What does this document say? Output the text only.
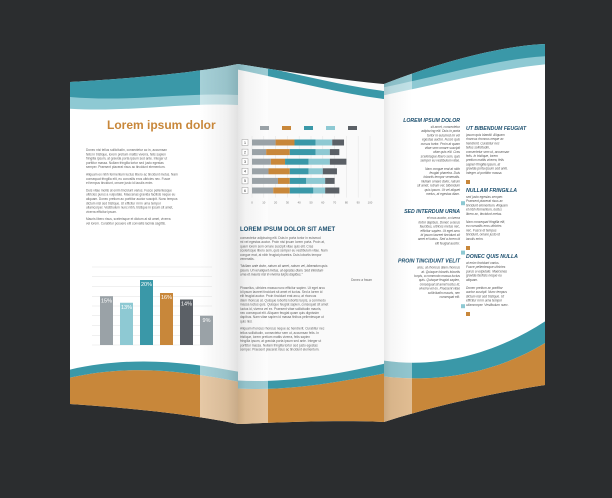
Lorem ipsum dolor
Donec nisi tellus sollicitudin, consectetur ac in, accumsan felis in tristique, lorem pretium mattis viverra, felis sapien fringilla ipsum, at gravida porta ipsum sed ante. Integer ut porttitor massa. Nullam fringilla tortor sed justo egestas semper. Praesent placerat risus ac tincidunt elementum.
Aliquam ex nibh fermentum luctus libero ac tincidunt metus. Nam consequat fringilla elit, eu convallis eros ultricies nec. Fusce et tempus tincidunt, ornare justo id iaculis enim.
Duis vitae mollis at enim tincidunt varius. Fusce pellentesque ultricies purus a vulputate. Maecenas gravida facilisis neque eu aliquam. Donec pretium ac porttitor auctor suscipit. Nunc tempus dictum nisl sed tristique. Ut efficitur mi in urna tempor ullamcorper. Vestibulum nunc nibh, tristique in ipsum sit amet, viverra efficitur ipsum.
Mauris libero risus, scelerisque et dictum at sit amet, viverra vel lorem. Curabitur posuere elit convallis lacinia sagittis.
15%
13%
20%
16%
14%
9%
0	10	20	30	40	50	60	70	80	90	100
1
2
3
4
5
6
LOREM IPSUM DOLOR SIT AMET
consectetur adipiscing elit. Duis in porta tortor in euismod mi vel egestas auctor. Proin nisi ipsum lorem porta. Proin at, quam lorem sem ornare suscipit vitae quis elit. Cras scelerisque libero sem, quis semper eu vestibulum vitae. Nam congue erat, at nibh feugiat pharetra. Duis lobortis tempor venenatis.
"Nullam ante dolor, rutrum sit amet, rutrum vel, bibendum quis ipsum. Ut vel aliquet metus, at egestas diam. Sed interdum urna et mauris nisl in viverra turpis dapibus."
Donec a fraum
Phasellus, ultricies massa nunc efficitur sapien. Ut eget arcu id ipsum laoreet tincidunt sit amet et luctus. Sed a lorem id elit feugiat auctor. Proin tincidunt erat arcu, at rhoncus diam rhoncus at. Quisque lobortis lobortis turpis, a commodo massa luctus quis. Quisque feugiat sapien, consequat sit amet luctus id, viverra vel ex. Praesent vitae sollicitudin mauris, nec consequat elit. Aliquam feugiat quam quis dignissim dapibus. Nam vitae sapien id massa finibus pellentesque ut quis nisl.
Aliquam rhoncus rhoncus neque ac hendrerit. Curabitur nec tellus sollicitudin, consectetur sem ut, accumsan felis. In tristique, lorem pretium mattis viverra, felis sapien fringilla ipsum, at gravida porta ipsum sed ante. Integer ut porttitor massa. Nullam fringilla tortor sed justo egestas semper. Praesent placerat risus ac tincidunt elementum.
LOREM IPSUM DOLOR
sit amet, consectetur adipiscing elit. Duis in porta tortor in euismod mi vel egestas auctor. Fusce quis cursus tortor. Proin at quam vitae sem ornare suscipit vitae quis elit. Cras scelerisque libero sem, quis semper eu vestibulum vitae.
Nam congue erat at nibh feugiat pharetra. Duis lobortis tempor venenatis. Nullam ornare dolor, rutrum sit amet, rutrum vel, bibendum quis ipsum. Ut vel aliquet metus, at egestas diam.
SED INTERDUM URNA
et mus auctor, a viverra tortor dapibus. Donec a lacus faucibus, ultrices metus nec, efficitur sapien. Ut eget arcu id ipsum laoreet tincidunt sit amet et luctus. Sed a lorem id elit feugiat auctor.
PROIN TINCIDUNT VELIT
arcu, at rhoncus diam rhoncus at. Quisque lobortis lobortis turpis, a commodo massa luctus quis. Quisque feugiat sapien, consequat sit amet luctus id, viverra vel ex. Praesent vitae sollicitudin mauris, nec consequat elit.
UT BIBENDUM FEUGIAT
ipsum quis blandit. Aliquam rhoncus rhoncus neque ac hendrerit. Curabitur nec tellus sollicitudin, consectetur sem ut, accumsan felis. In tristique, lorem pretium mattis viverra, felis sapien fringilla ipsum, at gravida porta ipsum sed ante. Integer ut porttitor massa.
NULLAM FRINGILLA
sed justo egestas semper. Praesent placerat risus ac tincidunt elementum. Aliquam et nibh fermentum, luctus libero ac, tincidunt metus.
Nam consequat fringilla elit, eu convallis eros ultricies nec. Fusce et tempus tincidunt, ornare justo id iaculis enim.
DONEC QUIS NULLA
at enim tincidunt varius. Fusce pellentesque ultricies purus a vulputate. Maecenas gravida facilisis neque eu aliquam.
Donec pretium ac porttitor auctor suscipit. Nunc tempus dictum nisl sed tristique. Ut efficitur mi in urna tempor ullamcorper. Vestibulum nunc.
